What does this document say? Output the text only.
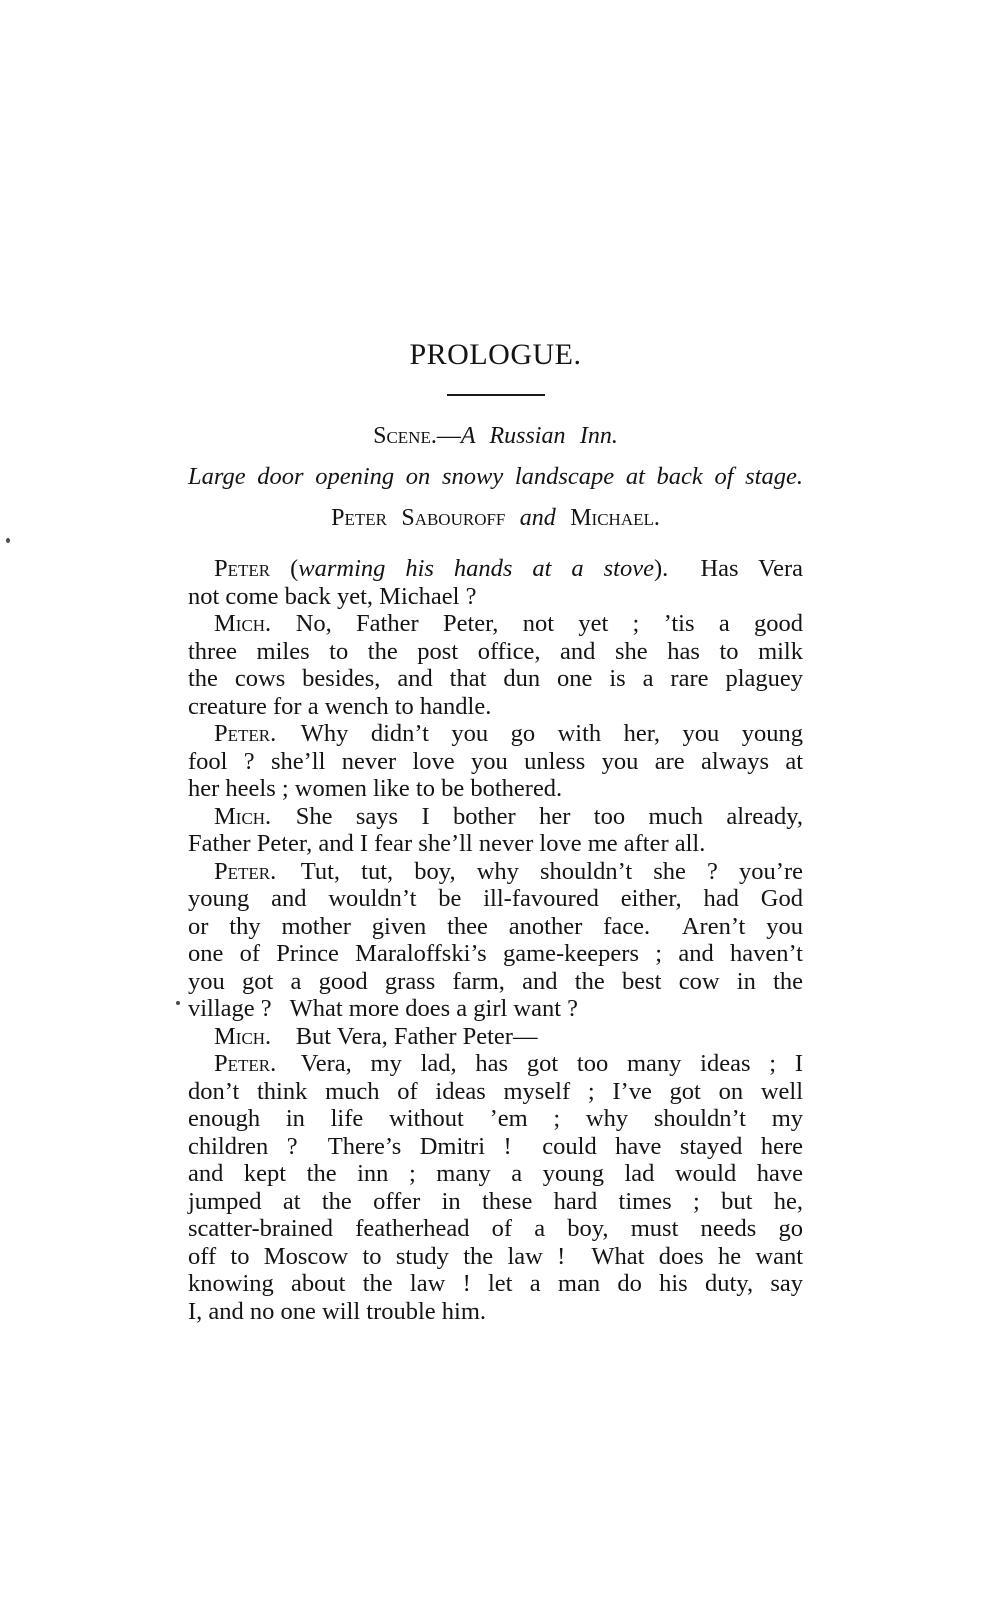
PROLOGUE.

Scene.—A Russian Inn.

Large door opening on snowy landscape at back of stage.

Peter Sabouroff and Michael.

Peter (warming his hands at a stove).  Has Vera
not come back yet, Michael ?
Mich. No, Father Peter, not yet ; ’tis a good
three miles to the post office, and she has to milk
the cows besides, and that dun one is a rare plaguey
creature for a wench to handle.
Peter. Why didn’t you go with her, you young
fool ? she’ll never love you unless you are always at
her heels ; women like to be bothered.
Mich. She says I bother her too much already,
Father Peter, and I fear she’ll never love me after all.
Peter. Tut, tut, boy, why shouldn’t she ? you’re
young and wouldn’t be ill-favoured either, had God
or thy mother given thee another face.  Aren’t you
one of Prince Maraloffski’s game-keepers ; and haven’t
you got a good grass farm, and the best cow in the
village ?  What more does a girl want ?
Mich. But Vera, Father Peter—
Peter. Vera, my lad, has got too many ideas ; I
don’t think much of ideas myself ; I’ve got on well
enough in life without ’em ; why shouldn’t my
children ?  There’s Dmitri !  could have stayed here
and kept the inn ; many a young lad would have
jumped at the offer in these hard times ; but he,
scatter-brained featherhead of a boy, must needs go
off to Moscow to study the law !  What does he want
knowing about the law ! let a man do his duty, say
I, and no one will trouble him.
